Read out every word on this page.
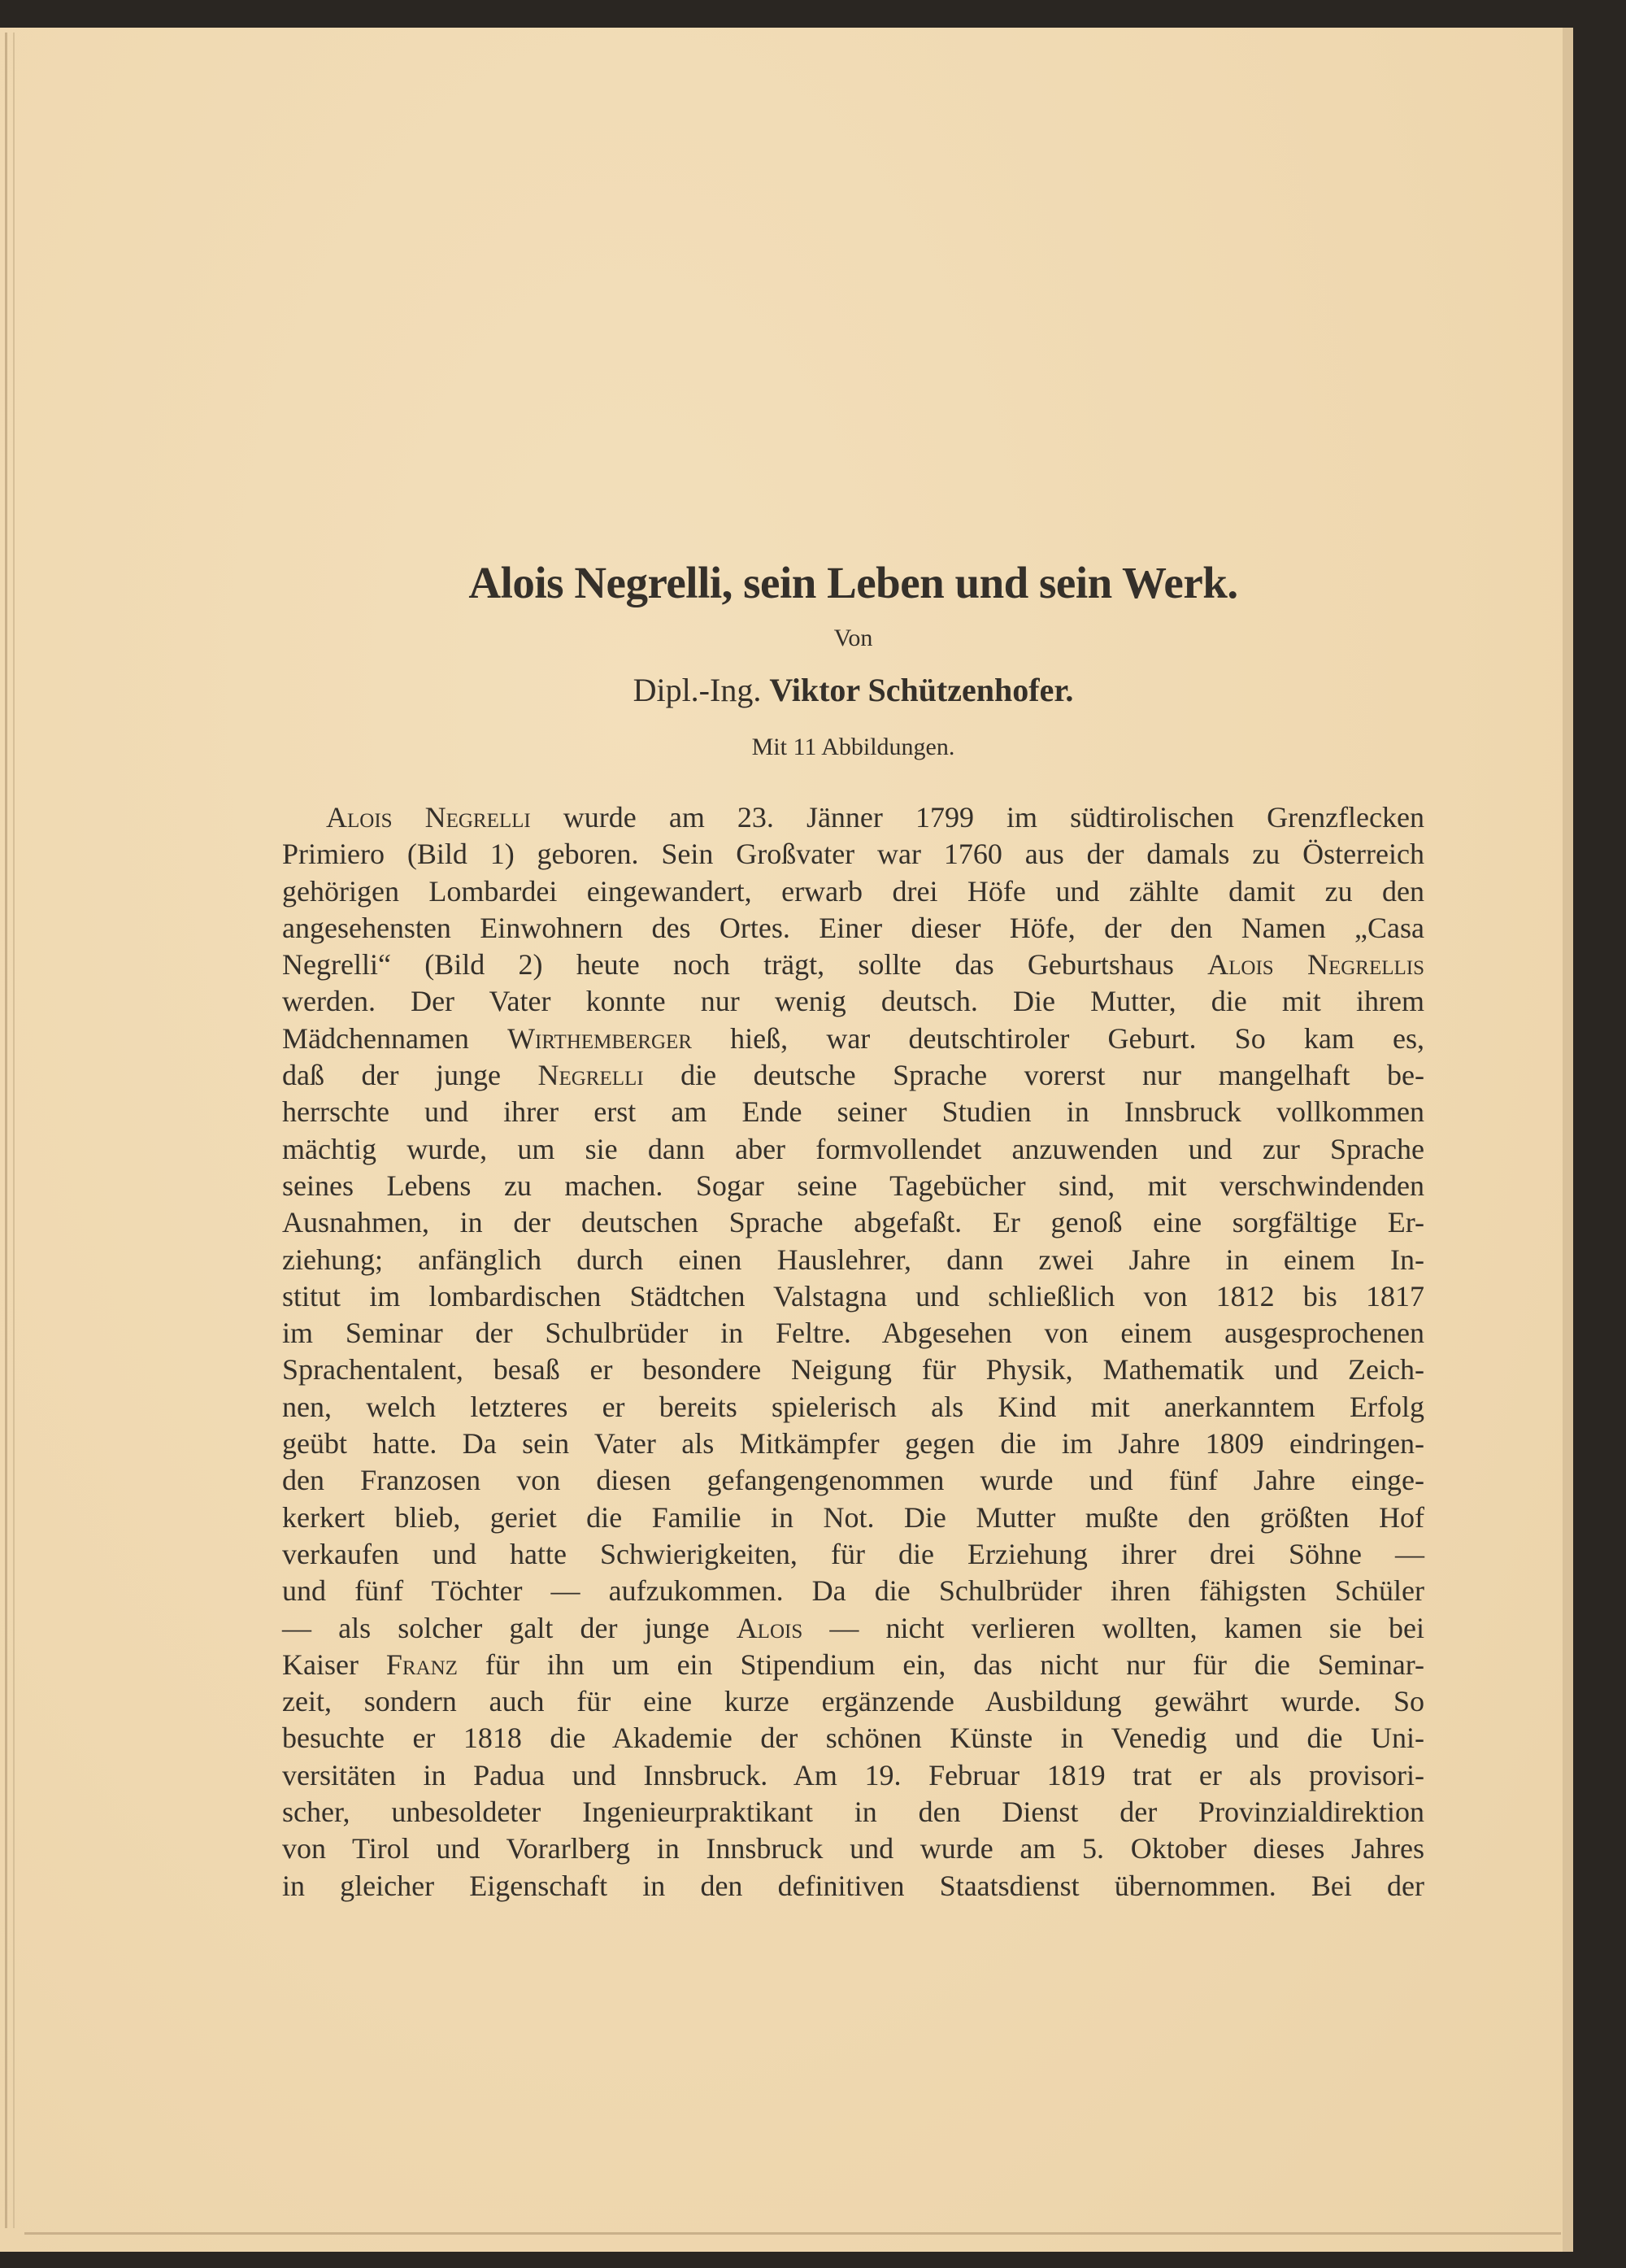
Alois Negrelli, sein Leben und sein Werk.
Von
Dipl.-Ing. Viktor Schützenhofer.
Mit 11 Abbildungen.
Alois Negrelli wurde am 23. Jänner 1799 im südtirolischen Grenzflecken
Primiero (Bild 1) geboren. Sein Großvater war 1760 aus der damals zu Österreich
gehörigen Lombardei eingewandert, erwarb drei Höfe und zählte damit zu den
angesehensten Einwohnern des Ortes. Einer dieser Höfe, der den Namen „Casa
Negrelli“ (Bild 2) heute noch trägt, sollte das Geburtshaus Alois Negrellis
werden. Der Vater konnte nur wenig deutsch. Die Mutter, die mit ihrem
Mädchennamen Wirthemberger hieß, war deutschtiroler Geburt. So kam es,
daß der junge Negrelli die deutsche Sprache vorerst nur mangelhaft be-
herrschte und ihrer erst am Ende seiner Studien in Innsbruck vollkommen
mächtig wurde, um sie dann aber formvollendet anzuwenden und zur Sprache
seines Lebens zu machen. Sogar seine Tagebücher sind, mit verschwindenden
Ausnahmen, in der deutschen Sprache abgefaßt. Er genoß eine sorgfältige Er-
ziehung; anfänglich durch einen Hauslehrer, dann zwei Jahre in einem In-
stitut im lombardischen Städtchen Valstagna und schließlich von 1812 bis 1817
im Seminar der Schulbrüder in Feltre. Abgesehen von einem ausgesprochenen
Sprachentalent, besaß er besondere Neigung für Physik, Mathematik und Zeich-
nen, welch letzteres er bereits spielerisch als Kind mit anerkanntem Erfolg
geübt hatte. Da sein Vater als Mitkämpfer gegen die im Jahre 1809 eindringen-
den Franzosen von diesen gefangengenommen wurde und fünf Jahre einge-
kerkert blieb, geriet die Familie in Not. Die Mutter mußte den größten Hof
verkaufen und hatte Schwierigkeiten, für die Erziehung ihrer drei Söhne —
und fünf Töchter — aufzukommen. Da die Schulbrüder ihren fähigsten Schüler
— als solcher galt der junge Alois — nicht verlieren wollten, kamen sie bei
Kaiser Franz für ihn um ein Stipendium ein, das nicht nur für die Seminar-
zeit, sondern auch für eine kurze ergänzende Ausbildung gewährt wurde. So
besuchte er 1818 die Akademie der schönen Künste in Venedig und die Uni-
versitäten in Padua und Innsbruck. Am 19. Februar 1819 trat er als provisori-
scher, unbesoldeter Ingenieurpraktikant in den Dienst der Provinzialdirektion
von Tirol und Vorarlberg in Innsbruck und wurde am 5. Oktober dieses Jahres
in gleicher Eigenschaft in den definitiven Staatsdienst übernommen. Bei der
